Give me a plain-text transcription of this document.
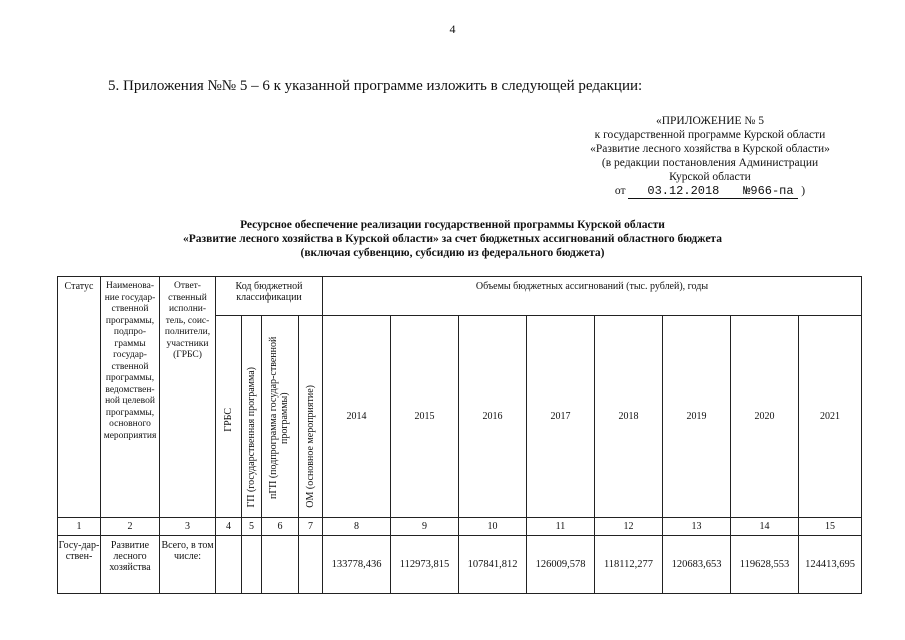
4
5. Приложения №№ 5 – 6 к указанной программе изложить в следующей редакции:
«ПРИЛОЖЕНИЕ № 5
к государственной программе Курской области
«Развитие лесного хозяйства в Курской области»
(в редакции постановления Администрации
Курской области
от 03.12.2018 №966-па )
Ресурсное обеспечение реализации государственной программы Курской области
«Развитие лесного хозяйства в Курской области» за счет бюджетных ассигнований областного бюджета
(включая субвенцию, субсидию из федерального бюджета)
Статус	Наименова-ние государ-ственной программы, подпро-граммы государ-ственной программы, ведомствен-ной целевой программы, основного мероприятия	Ответ-ственный исполни-тель, соис-полнители, участники (ГРБС)	Код бюджетной классификации				Объемы бюджетных ассигнований (тыс. рублей), годы							
			ГРБС	ГП (государственная программа)	пГП (подпрограмма государ-ственной программы)	ОМ (основное мероприятие)	2014	2015	2016	2017	2018	2019	2020	2021
1	2	3	4	5	6	7	8	9	10	11	12	13	14	15
Госу-дар-ствен-	Развитие лесного хозяйства	Всего, в том числе:					133778,436	112973,815	107841,812	126009,578	118112,277	120683,653	119628,553	124413,695
